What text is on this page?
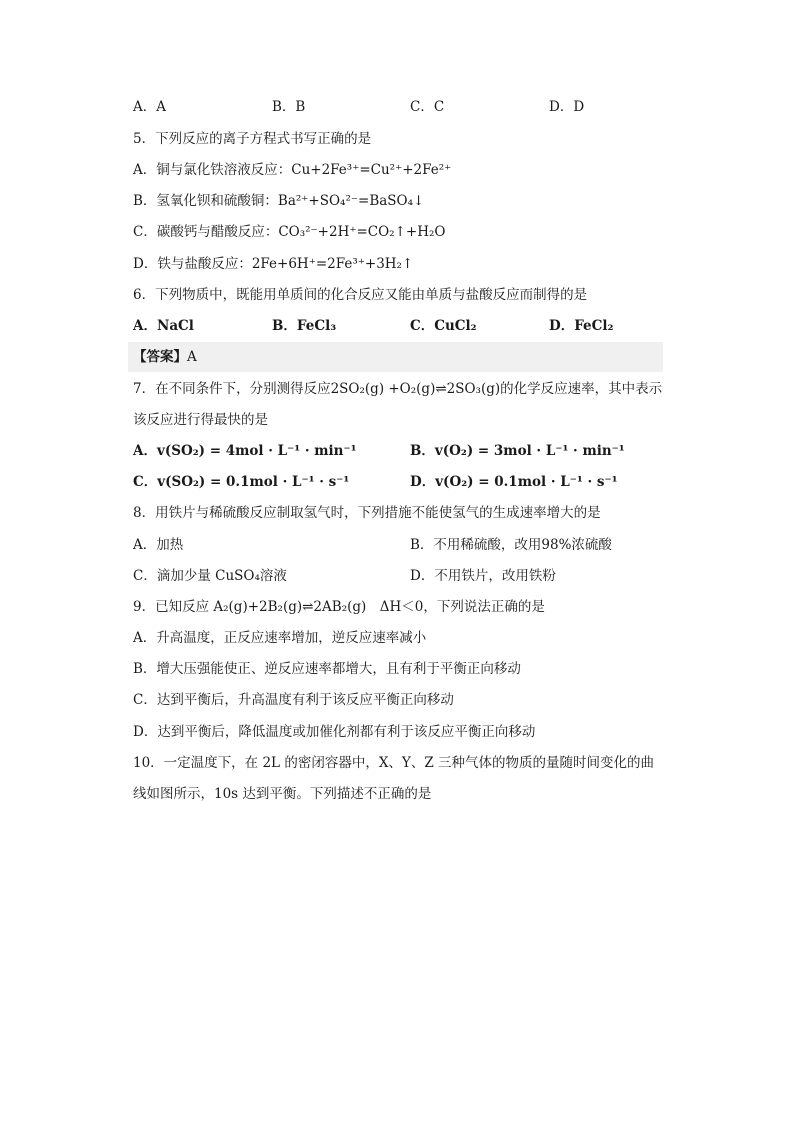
A．A	B．B	C．C	D．D
5．下列反应的离子方程式书写正确的是
A．铜与氯化铁溶液反应：Cu+2Fe³⁺=Cu²⁺+2Fe²⁺
B．氢氧化钡和硫酸铜：Ba²⁺+SO₄²⁻=BaSO₄↓
C．碳酸钙与醋酸反应：CO₃²⁻+2H⁺=CO₂↑+H₂O
D．铁与盐酸反应：2Fe+6H⁺=2Fe³⁺+3H₂↑
6．下列物质中，既能用单质间的化合反应又能由单质与盐酸反应而制得的是
A．NaCl	B．FeCl₃	C．CuCl₂	D．FeCl₂
【答案】A
7．在不同条件下，分别测得反应2SO₂(g) +O₂(g)⇌2SO₃(g)的化学反应速率，其中表示
该反应进行得最快的是
A．v(SO₂) = 4mol · L⁻¹ · min⁻¹	B．v(O₂) = 3mol · L⁻¹ · min⁻¹
C．v(SO₂) = 0.1mol · L⁻¹ · s⁻¹	D．v(O₂) = 0.1mol · L⁻¹ · s⁻¹
8．用铁片与稀硫酸反应制取氢气时，下列措施不能使氢气的生成速率增大的是
A．加热	B．不用稀硫酸，改用98%浓硫酸
C．滴加少量 CuSO₄溶液	D．不用铁片，改用铁粉
9．已知反应 A₂(g)+2B₂(g)⇌2AB₂(g)　ΔH＜0，下列说法正确的是
A．升高温度，正反应速率增加，逆反应速率减小
B．增大压强能使正、逆反应速率都增大，且有利于平衡正向移动
C．达到平衡后，升高温度有利于该反应平衡正向移动
D．达到平衡后，降低温度或加催化剂都有利于该反应平衡正向移动
10．一定温度下，在 2L 的密闭容器中，X、Y、Z 三种气体的物质的量随时间变化的曲
线如图所示，10s 达到平衡。下列描述不正确的是
